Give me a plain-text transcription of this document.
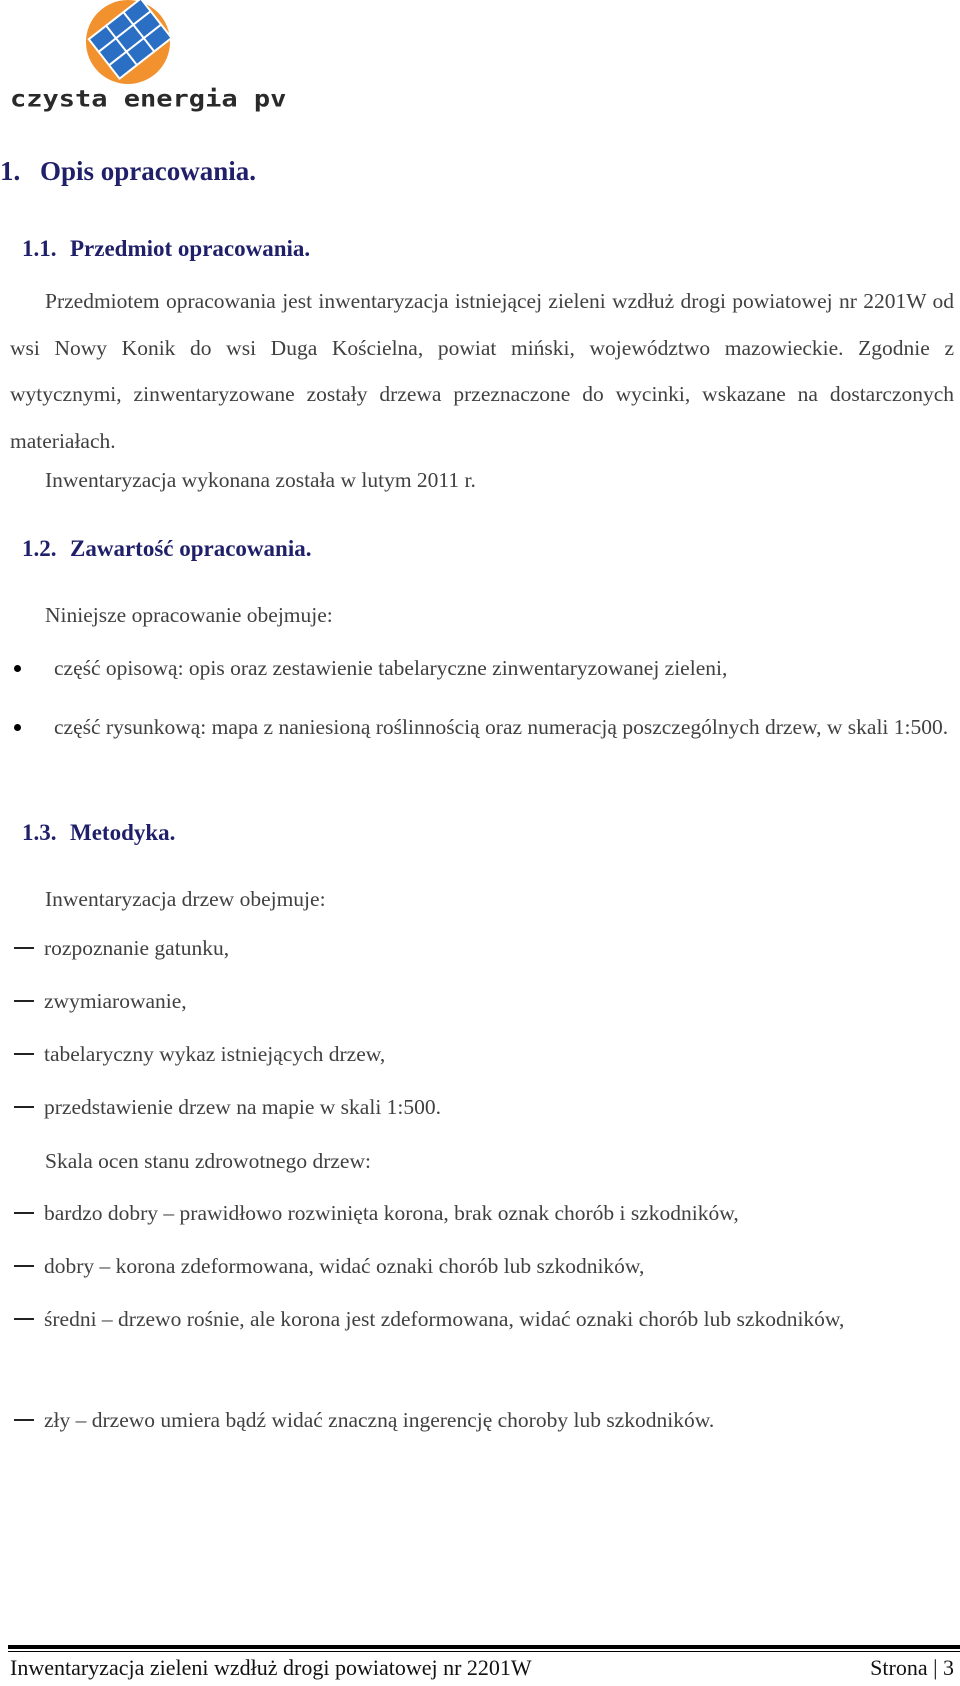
czysta energia pv
1. Opis opracowania.
1.1. Przedmiot opracowania.

Przedmiotem opracowania jest inwentaryzacja istniejącej zieleni wzdłuż drogi powiatowej nr 2201W od wsi Nowy Konik do wsi Duga Kościelna, powiat miński, województwo mazowieckie. Zgodnie z wytycznymi, zinwentaryzowane zostały drzewa przeznaczone do wycinki, wskazane na dostarczonych materiałach.

Inwentaryzacja wykonana została w lutym 2011 r.
1.2. Zawartość opracowania.
Niniejsze opracowanie obejmuje:
część opisową: opis oraz zestawienie tabelaryczne zinwentaryzowanej zieleni,
część rysunkową: mapa z naniesioną roślinnością oraz numeracją poszczególnych drzew, w skali 1:500.
1.3. Metodyka.
Inwentaryzacja drzew obejmuje:
rozpoznanie gatunku,
zwymiarowanie,
tabelaryczny wykaz istniejących drzew,
przedstawienie drzew na mapie w skali 1:500.
Skala ocen stanu zdrowotnego drzew:
bardzo dobry – prawidłowo rozwinięta korona, brak oznak chorób i szkodników,
dobry – korona zdeformowana, widać oznaki chorób lub szkodników,
średni – drzewo rośnie, ale korona jest zdeformowana, widać oznaki chorób lub szkodników,
zły – drzewo umiera bądź widać znaczną ingerencję choroby lub szkodników.
Inwentaryzacja zieleni wzdłuż drogi powiatowej nr 2201W	Strona | 3
